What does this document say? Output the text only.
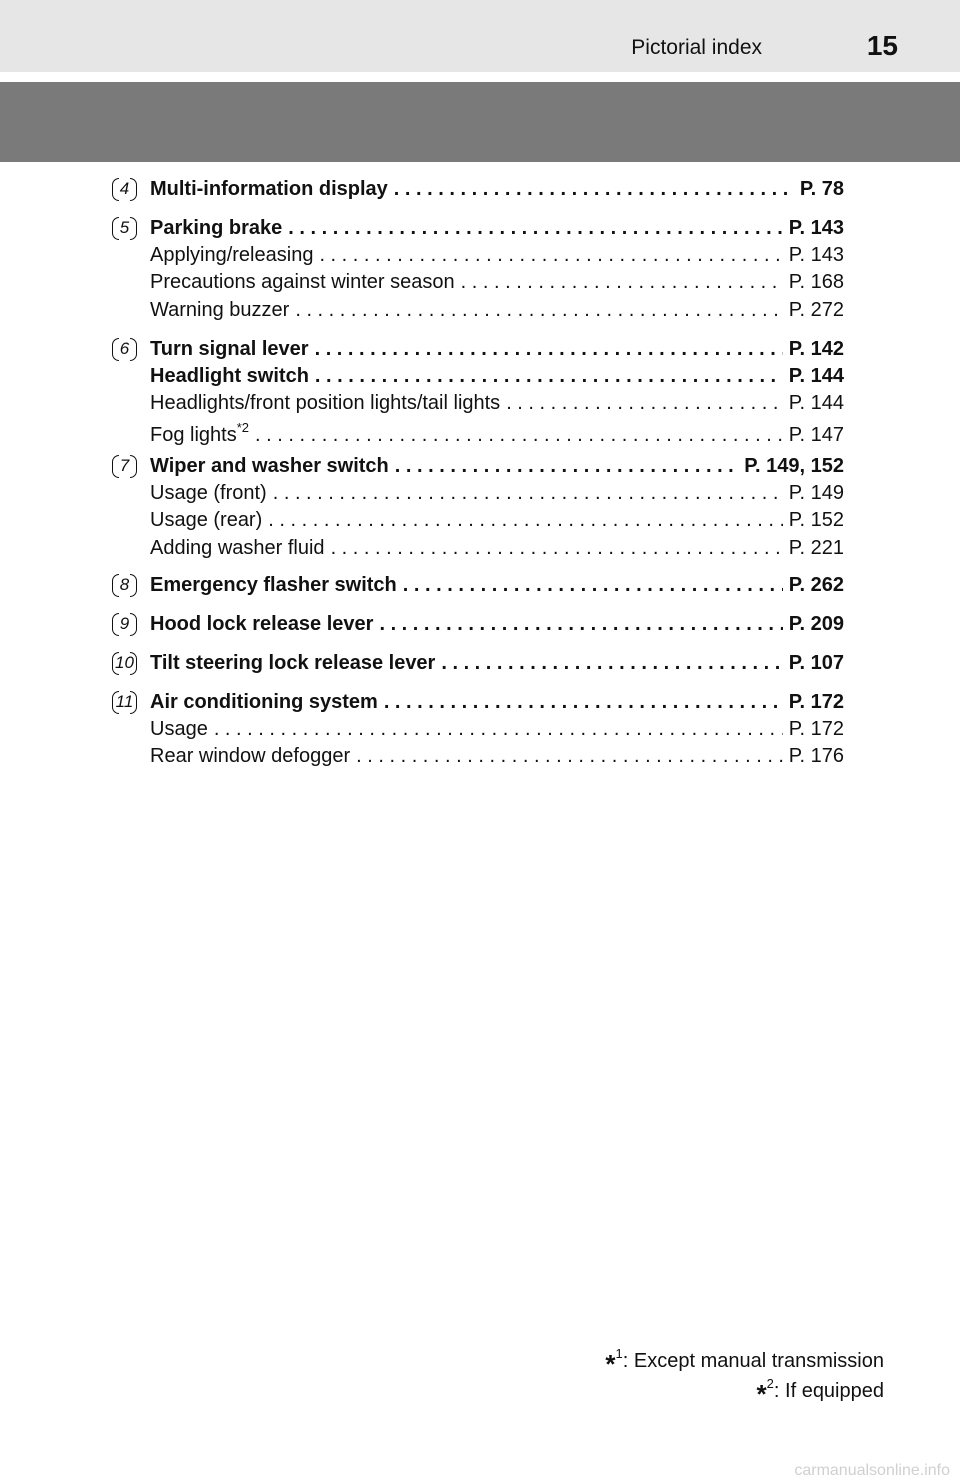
Pictorial index	15
4	Multi-information display . . .	P. 78
5	Parking brake . . .	P. 143
Applying/releasing . . .	P. 143
Precautions against winter season . . .	P. 168
Warning buzzer . . .	P. 272
6	Turn signal lever . . .	P. 142
Headlight switch . . .	P. 144
Headlights/front position lights/tail lights . . .	P. 144
Fog lights$^{*2}$ . . .	P. 147
7	Wiper and washer switch . . .	P. 149, 152
Usage (front) . . .	P. 149
Usage (rear) . . .	P. 152
Adding washer fluid . . .	P. 221
8	Emergency flasher switch . . .	P. 262
9	Hood lock release lever . . .	P. 209
10 Tilt steering lock release lever . . .	P. 107
11 Air conditioning system . . .	P. 172
Usage . . .	P. 172
Rear window defogger . . .	P. 176
*$^1$: Except manual transmission
*$^2$: If equipped
carmanualsonline.info
